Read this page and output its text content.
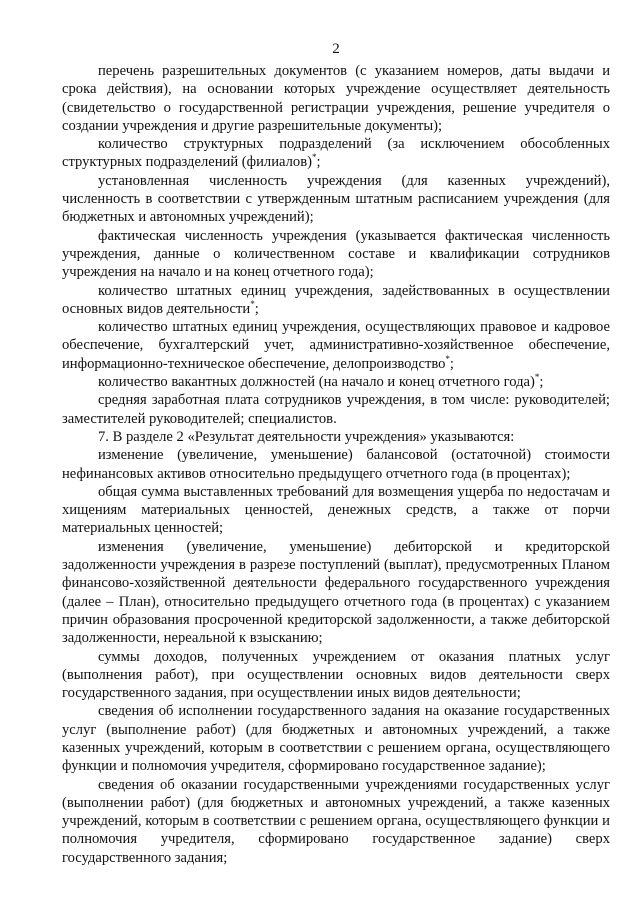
2

перечень разрешительных документов (с указанием номеров, даты выдачи и срока действия), на основании которых учреждение осуществляет деятельность (свидетельство о государственной регистрации учреждения, решение учредителя о создании учреждения и другие разрешительные документы);

количество структурных подразделений (за исключением обособленных структурных подразделений (филиалов)*;

установленная численность учреждения (для казенных учреждений), численность в соответствии с утвержденным штатным расписанием учреждения (для бюджетных и автономных учреждений);

фактическая численность учреждения (указывается фактическая численность учреждения, данные о количественном составе и квалификации сотрудников учреждения на начало и на конец отчетного года);

количество штатных единиц учреждения, задействованных в осуществлении основных видов деятельности*;

количество штатных единиц учреждения, осуществляющих правовое и кадровое обеспечение, бухгалтерский учет, административно-хозяйственное обеспечение, информационно-техническое обеспечение, делопроизводство*;

количество вакантных должностей (на начало и конец отчетного года)*;

средняя заработная плата сотрудников учреждения, в том числе: руководителей; заместителей руководителей; специалистов.

7. В разделе 2 «Результат деятельности учреждения» указываются:

изменение (увеличение, уменьшение) балансовой (остаточной) стоимости нефинансовых активов относительно предыдущего отчетного года (в процентах);

общая сумма выставленных требований для возмещения ущерба по недостачам и хищениям материальных ценностей, денежных средств, а также от порчи материальных ценностей;

изменения (увеличение, уменьшение) дебиторской и кредиторской задолженности учреждения в разрезе поступлений (выплат), предусмотренных Планом финансово-хозяйственной деятельности федерального государственного учреждения (далее – План), относительно предыдущего отчетного года (в процентах) с указанием причин образования просроченной кредиторской задолженности, а также дебиторской задолженности, нереальной к взысканию;

суммы доходов, полученных учреждением от оказания платных услуг (выполнения работ), при осуществлении основных видов деятельности сверх государственного задания, при осуществлении иных видов деятельности;

сведения об исполнении государственного задания на оказание государственных услуг (выполнение работ) (для бюджетных и автономных учреждений, а также казенных учреждений, которым в соответствии с решением органа, осуществляющего функции и полномочия учредителя, сформировано государственное задание);

сведения об оказании государственными учреждениями государственных услуг (выполнении работ) (для бюджетных и автономных учреждений, а также казенных учреждений, которым в соответствии с решением органа, осуществляющего функции и полномочия учредителя, сформировано государственное задание) сверх государственного задания;
